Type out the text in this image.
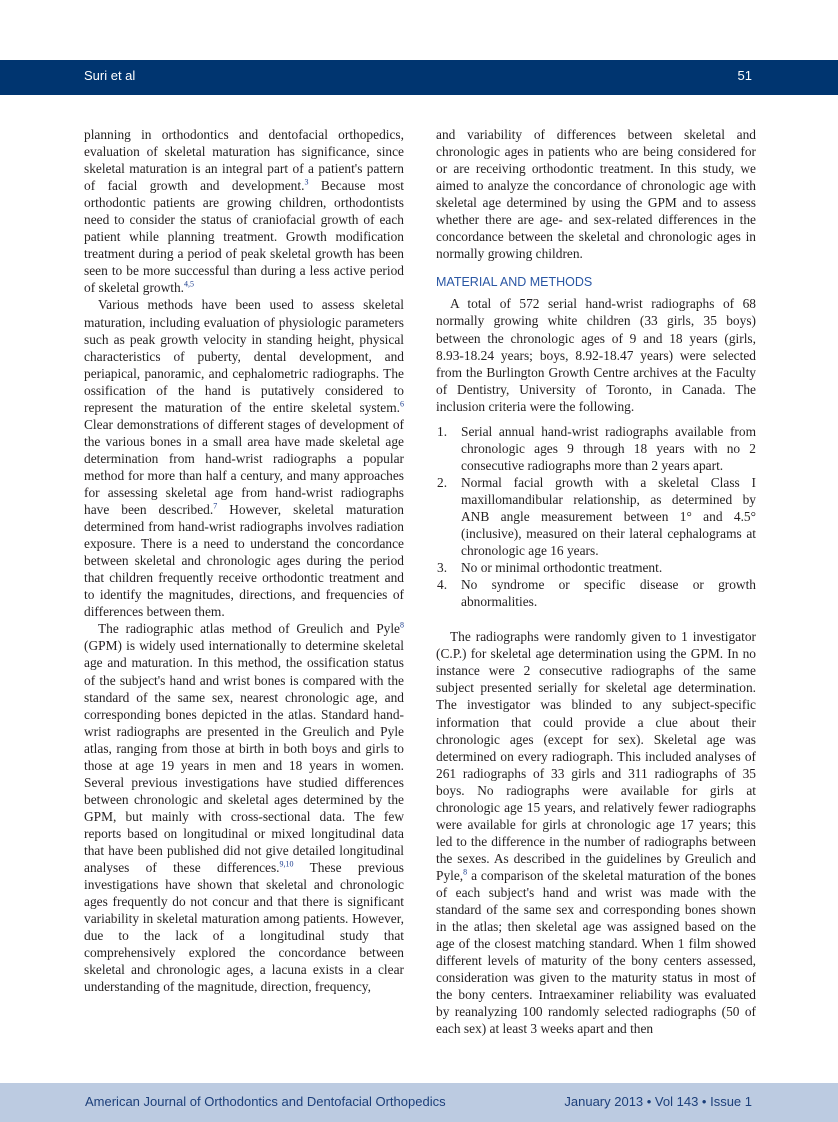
Suri et al	51

planning in orthodontics and dentofacial orthopedics, evaluation of skeletal maturation has significance, since skeletal maturation is an integral part of a patient's pattern of facial growth and development.$^3$ Because most orthodontic patients are growing children, orthodontists need to consider the status of craniofacial growth of each patient while planning treatment. Growth modification treatment during a period of peak skeletal growth has been seen to be more successful than during a less active period of skeletal growth.$^{4,5}$

Various methods have been used to assess skeletal maturation, including evaluation of physiologic parameters such as peak growth velocity in standing height, physical characteristics of puberty, dental development, and periapical, panoramic, and cephalometric radiographs. The ossification of the hand is putatively considered to represent the maturation of the entire skeletal system.$^6$ Clear demonstrations of different stages of development of the various bones in a small area have made skeletal age determination from hand-wrist radiographs a popular method for more than half a century, and many approaches for assessing skeletal age from hand-wrist radiographs have been described.$^7$ However, skeletal maturation determined from hand-wrist radiographs involves radiation exposure. There is a need to understand the concordance between skeletal and chronologic ages during the period that children frequently receive orthodontic treatment and to identify the magnitudes, directions, and frequencies of differences between them.

The radiographic atlas method of Greulich and Pyle$^8$ (GPM) is widely used internationally to determine skeletal age and maturation. In this method, the ossification status of the subject's hand and wrist bones is compared with the standard of the same sex, nearest chronologic age, and corresponding bones depicted in the atlas. Standard hand-wrist radiographs are presented in the Greulich and Pyle atlas, ranging from those at birth in both boys and girls to those at age 19 years in men and 18 years in women. Several previous investigations have studied differences between chronologic and skeletal ages determined by the GPM, but mainly with cross-sectional data. The few reports based on longitudinal or mixed longitudinal data that have been published did not give detailed longitudinal analyses of these differences.$^{9,10}$ These previous investigations have shown that skeletal and chronologic ages frequently do not concur and that there is significant variability in skeletal maturation among patients. However, due to the lack of a longitudinal study that comprehensively explored the concordance between skeletal and chronologic ages, a lacuna exists in a clear understanding of the magnitude, direction, frequency,

and variability of differences between skeletal and chronologic ages in patients who are being considered for or are receiving orthodontic treatment. In this study, we aimed to analyze the concordance of chronologic age with skeletal age determined by using the GPM and to assess whether there are age- and sex-related differences in the concordance between the skeletal and chronologic ages in normally growing children.

MATERIAL AND METHODS

A total of 572 serial hand-wrist radiographs of 68 normally growing white children (33 girls, 35 boys) between the chronologic ages of 9 and 18 years (girls, 8.93-18.24 years; boys, 8.92-18.47 years) were selected from the Burlington Growth Centre archives at the Faculty of Dentistry, University of Toronto, in Canada. The inclusion criteria were the following.

1. Serial annual hand-wrist radiographs available from chronologic ages 9 through 18 years with no 2 consecutive radiographs more than 2 years apart.
2. Normal facial growth with a skeletal Class I maxillomandibular relationship, as determined by ANB angle measurement between 1° and 4.5° (inclusive), measured on their lateral cephalograms at chronologic age 16 years.
3. No or minimal orthodontic treatment.
4. No syndrome or specific disease or growth abnormalities.

The radiographs were randomly given to 1 investigator (C.P.) for skeletal age determination using the GPM. In no instance were 2 consecutive radiographs of the same subject presented serially for skeletal age determination. The investigator was blinded to any subject-specific information that could provide a clue about their chronologic ages (except for sex). Skeletal age was determined on every radiograph. This included analyses of 261 radiographs of 33 girls and 311 radiographs of 35 boys. No radiographs were available for girls at chronologic age 15 years, and relatively fewer radiographs were available for girls at chronologic age 17 years; this led to the difference in the number of radiographs between the sexes. As described in the guidelines by Greulich and Pyle,$^8$ a comparison of the skeletal maturation of the bones of each subject's hand and wrist was made with the standard of the same sex and corresponding bones shown in the atlas; then skeletal age was assigned based on the age of the closest matching standard. When 1 film showed different levels of maturity of the bony centers assessed, consideration was given to the maturity status in most of the bony centers. Intraexaminer reliability was evaluated by reanalyzing 100 randomly selected radiographs (50 of each sex) at least 3 weeks apart and then

American Journal of Orthodontics and Dentofacial Orthopedics	January 2013 • Vol 143 • Issue 1
